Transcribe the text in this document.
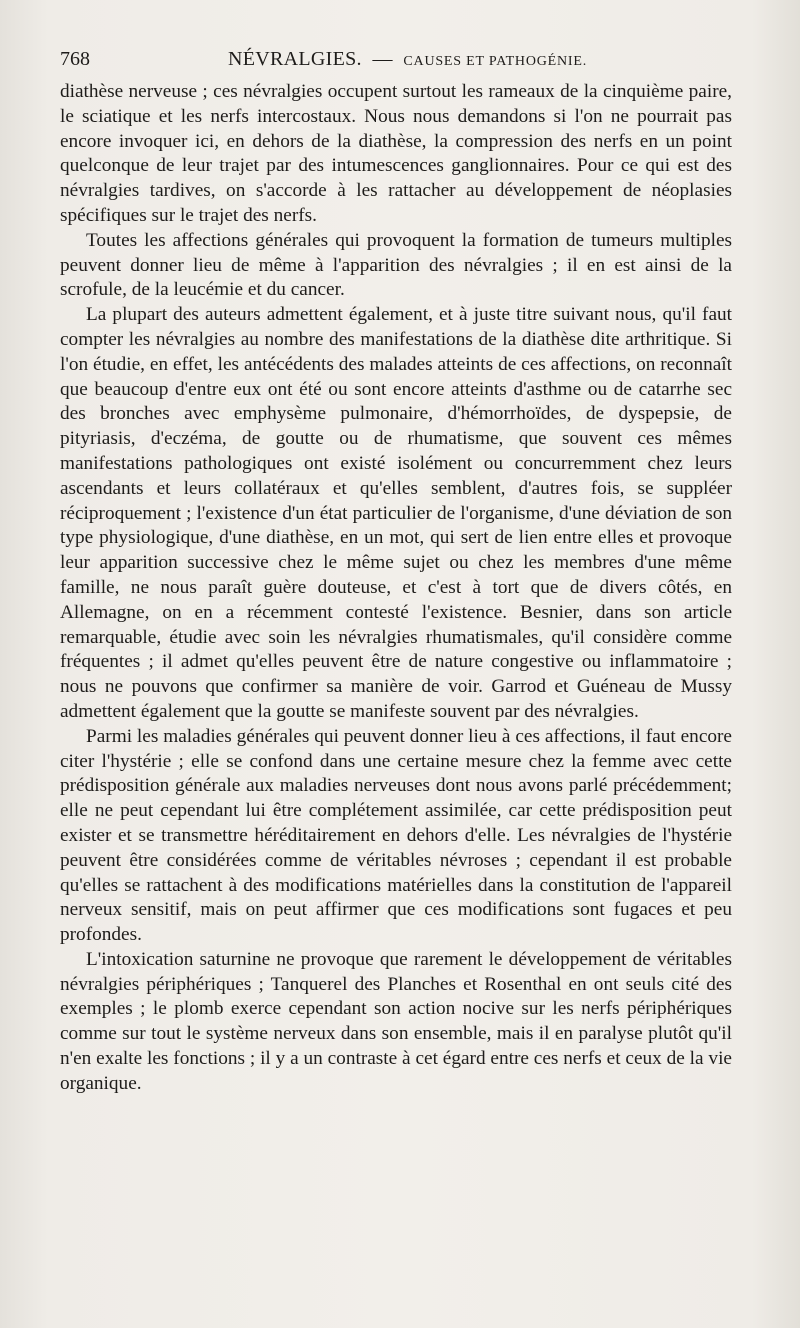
768	NÉVRALGIES. — CAUSES ET PATHOGÉNIE.

diathèse nerveuse ; ces névralgies occupent surtout les rameaux de la cinquième paire, le sciatique et les nerfs intercostaux. Nous nous demandons si l'on ne pourrait pas encore invoquer ici, en dehors de la diathèse, la compression des nerfs en un point quelconque de leur trajet par des intumescences ganglionnaires. Pour ce qui est des névralgies tardives, on s'accorde à les rattacher au développement de néoplasies spécifiques sur le trajet des nerfs.

Toutes les affections générales qui provoquent la formation de tumeurs multiples peuvent donner lieu de même à l'apparition des névralgies ; il en est ainsi de la scrofule, de la leucémie et du cancer.

La plupart des auteurs admettent également, et à juste titre suivant nous, qu'il faut compter les névralgies au nombre des manifestations de la diathèse dite arthritique. Si l'on étudie, en effet, les antécédents des malades atteints de ces affections, on reconnaît que beaucoup d'entre eux ont été ou sont encore atteints d'asthme ou de catarrhe sec des bronches avec emphysème pulmonaire, d'hémorrhoïdes, de dyspepsie, de pityriasis, d'eczéma, de goutte ou de rhumatisme, que souvent ces mêmes manifestations pathologiques ont existé isolément ou concurremment chez leurs ascendants et leurs collatéraux et qu'elles semblent, d'autres fois, se suppléer réciproquement ; l'existence d'un état particulier de l'organisme, d'une déviation de son type physiologique, d'une diathèse, en un mot, qui sert de lien entre elles et provoque leur apparition successive chez le même sujet ou chez les membres d'une même famille, ne nous paraît guère douteuse, et c'est à tort que de divers côtés, en Allemagne, on en a récemment contesté l'existence. Besnier, dans son article remarquable, étudie avec soin les névralgies rhumatismales, qu'il considère comme fréquentes ; il admet qu'elles peuvent être de nature congestive ou inflammatoire ; nous ne pouvons que confirmer sa manière de voir. Garrod et Guéneau de Mussy admettent également que la goutte se manifeste souvent par des névralgies.

Parmi les maladies générales qui peuvent donner lieu à ces affections, il faut encore citer l'hystérie ; elle se confond dans une certaine mesure chez la femme avec cette prédisposition générale aux maladies nerveuses dont nous avons parlé précédemment; elle ne peut cependant lui être complétement assimilée, car cette prédisposition peut exister et se transmettre héréditairement en dehors d'elle. Les névralgies de l'hystérie peuvent être considérées comme de véritables névroses ; cependant il est probable qu'elles se rattachent à des modifications matérielles dans la constitution de l'appareil nerveux sensitif, mais on peut affirmer que ces modifications sont fugaces et peu profondes.

L'intoxication saturnine ne provoque que rarement le développement de véritables névralgies périphériques ; Tanquerel des Planches et Rosenthal en ont seuls cité des exemples ; le plomb exerce cependant son action nocive sur les nerfs périphériques comme sur tout le système nerveux dans son ensemble, mais il en paralyse plutôt qu'il n'en exalte les fonctions ; il y a un contraste à cet égard entre ces nerfs et ceux de la vie organique.
